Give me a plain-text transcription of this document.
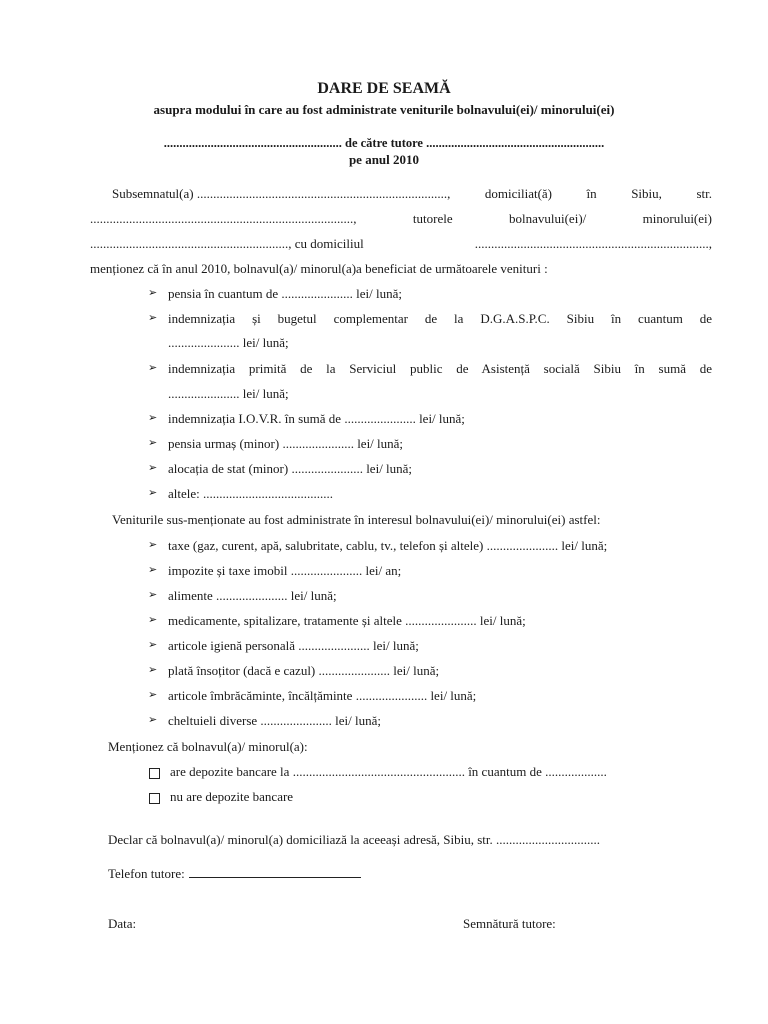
DARE DE SEAMĂ
asupra modului în care au fost administrate veniturile bolnavului(ei)/ minorului(ei)
......................................................... de către tutore .........................................................
pe anul 2010
Subsemnatul(a) .............................................................................,	domiciliat(ă)	în	Sibiu,	str.
.................................................................................,	tutorele	bolnavului(ei)/	minorului(ei)
............................................................., cu domiciliul	........................................................................,
menționez că în anul 2010, bolnavul(a)/ minorul(a)a beneficiat de următoarele venituri :
➢ pensia în cuantum de ...................... lei/ lună;
➢ indemnizația și bugetul complementar de la D.G.A.S.P.C. Sibiu în cuantum de
...................... lei/ lună;
➢ indemnizația primită de la Serviciul public de Asistență socială Sibiu în sumă de
...................... lei/ lună;
➢ indemnizația I.O.V.R. în sumă de ...................... lei/ lună;
➢ pensia urmaș (minor) ...................... lei/ lună;
➢ alocația de stat (minor) ...................... lei/ lună;
➢ altele: ........................................
Veniturile sus-menționate au fost administrate în interesul bolnavului(ei)/ minorului(ei) astfel:
➢ taxe (gaz, curent, apă, salubritate, cablu, tv., telefon și altele) ...................... lei/ lună;
➢ impozite și taxe imobil ...................... lei/ an;
➢ alimente ...................... lei/ lună;
➢ medicamente, spitalizare, tratamente și altele ...................... lei/ lună;
➢ articole igienă personală ...................... lei/ lună;
➢ plată însoțitor (dacă e cazul) ...................... lei/ lună;
➢ articole îmbrăcăminte, încălțăminte ...................... lei/ lună;
➢ cheltuieli diverse ...................... lei/ lună;
Menționez că bolnavul(a)/ minorul(a):
are depozite bancare la ..................................................... în cuantum de ...................
nu are depozite bancare
Declar că bolnavul(a)/ minorul(a) domiciliază la aceeași adresă, Sibiu, str. ................................
Telefon tutore:
Data:	Semnătură tutore:
